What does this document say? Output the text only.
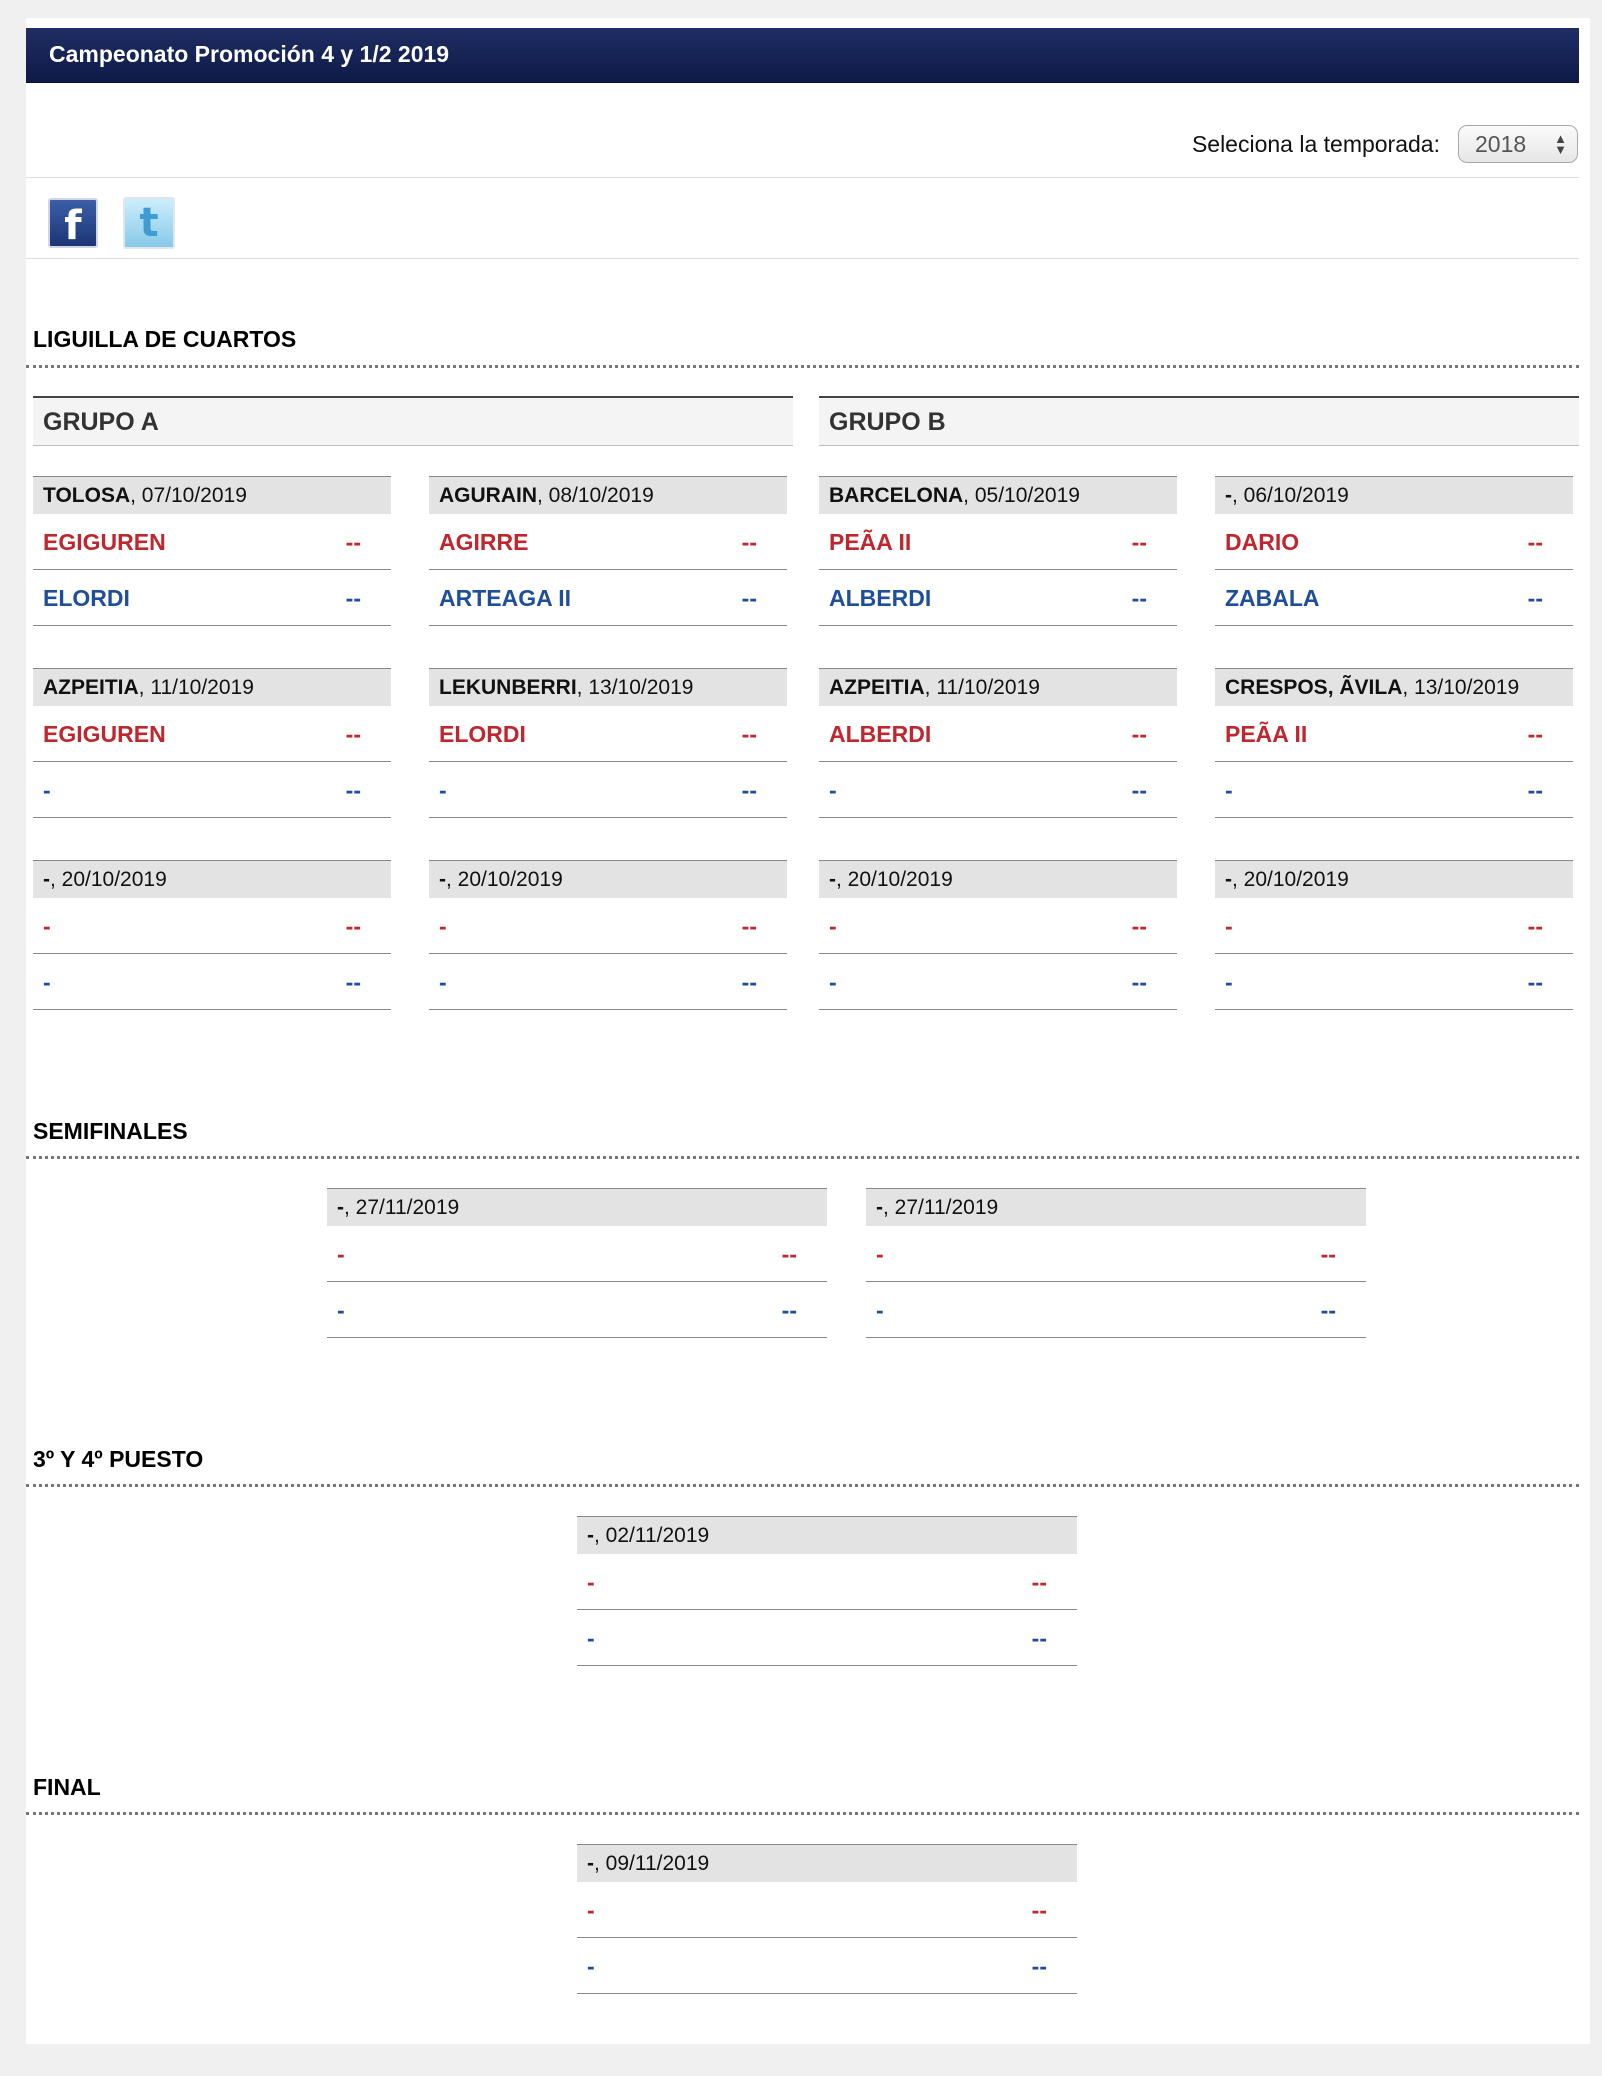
Campeonato Promoción 4 y 1/2 2019
Seleciona la temporada: 2018 ▲
▼
f	t
LIGUILLA DE CUARTOS
GRUPO A	GRUPO B
TOLOSA, 07/10/2019
EGIGUREN	--
ELORDI	--
AGURAIN, 08/10/2019
AGIRRE	--
ARTEAGA II	--
BARCELONA, 05/10/2019
PEÃA II	--
ALBERDI	--
-, 06/10/2019
DARIO	--
ZABALA	--
AZPEITIA, 11/10/2019
EGIGUREN	--
-	--
LEKUNBERRI, 13/10/2019
ELORDI	--
-	--
AZPEITIA, 11/10/2019
ALBERDI	--
-	--
CRESPOS, ÃVILA, 13/10/2019
PEÃA II	--
-	--
-, 20/10/2019
-	--
-	--
-, 20/10/2019
-	--
-	--
-, 20/10/2019
-	--
-	--
-, 20/10/2019
-	--
-	--
SEMIFINALES
-, 27/11/2019
-	--
-	--
-, 27/11/2019
-	--
-	--
3º Y 4º PUESTO
-, 02/11/2019
-	--
-	--
FINAL
-, 09/11/2019
-	--
-	--
